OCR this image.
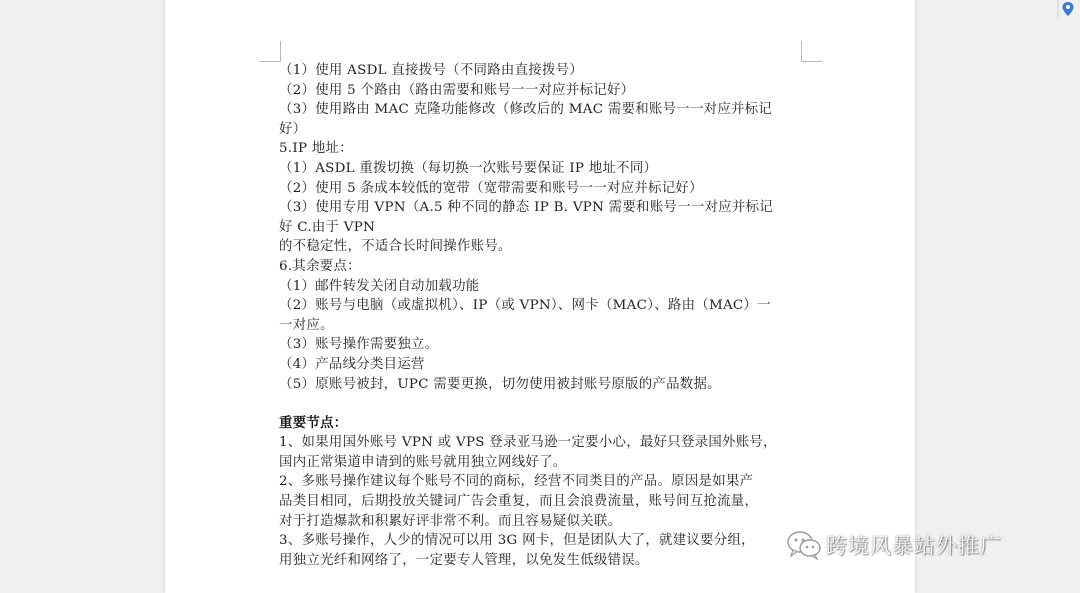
（1）使用 ASDL 直接拨号（不同路由直接拨号）
（2）使用 5 个路由（路由需要和账号一一对应并标记好）
（3）使用路由 MAC 克隆功能修改（修改后的 MAC 需要和账号一一对应并标记
好）
5.IP 地址：
（1）ASDL 重拨切换（每切换一次账号要保证 IP 地址不同）
（2）使用 5 条成本较低的宽带（宽带需要和账号一一对应并标记好）
（3）使用专用 VPN（A.5 种不同的静态 IP B. VPN 需要和账号一一对应并标记
好 C.由于 VPN
的不稳定性，不适合长时间操作账号。
6.其余要点：
（1）邮件转发关闭自动加载功能
（2）账号与电脑（或虚拟机）、IP（或 VPN）、网卡（MAC）、路由（MAC）一
一对应。
（3）账号操作需要独立。
（4）产品线分类目运营
（5）原账号被封，UPC 需要更换，切勿使用被封账号原版的产品数据。
重要节点：
1、如果用国外账号 VPN 或 VPS 登录亚马逊一定要小心，最好只登录国外账号，
国内正常渠道申请到的账号就用独立网线好了。
2、多账号操作建议每个账号不同的商标，经营不同类目的产品。原因是如果产
品类目相同，后期投放关键词广告会重复，而且会浪费流量，账号间互抢流量，
对于打造爆款和积累好评非常不利。而且容易疑似关联。
3、多账号操作，人少的情况可以用 3G 网卡，但是团队大了，就建议要分组，
用独立光纤和网络了，一定要专人管理，以免发生低级错误。
跨境风暴站外推广
